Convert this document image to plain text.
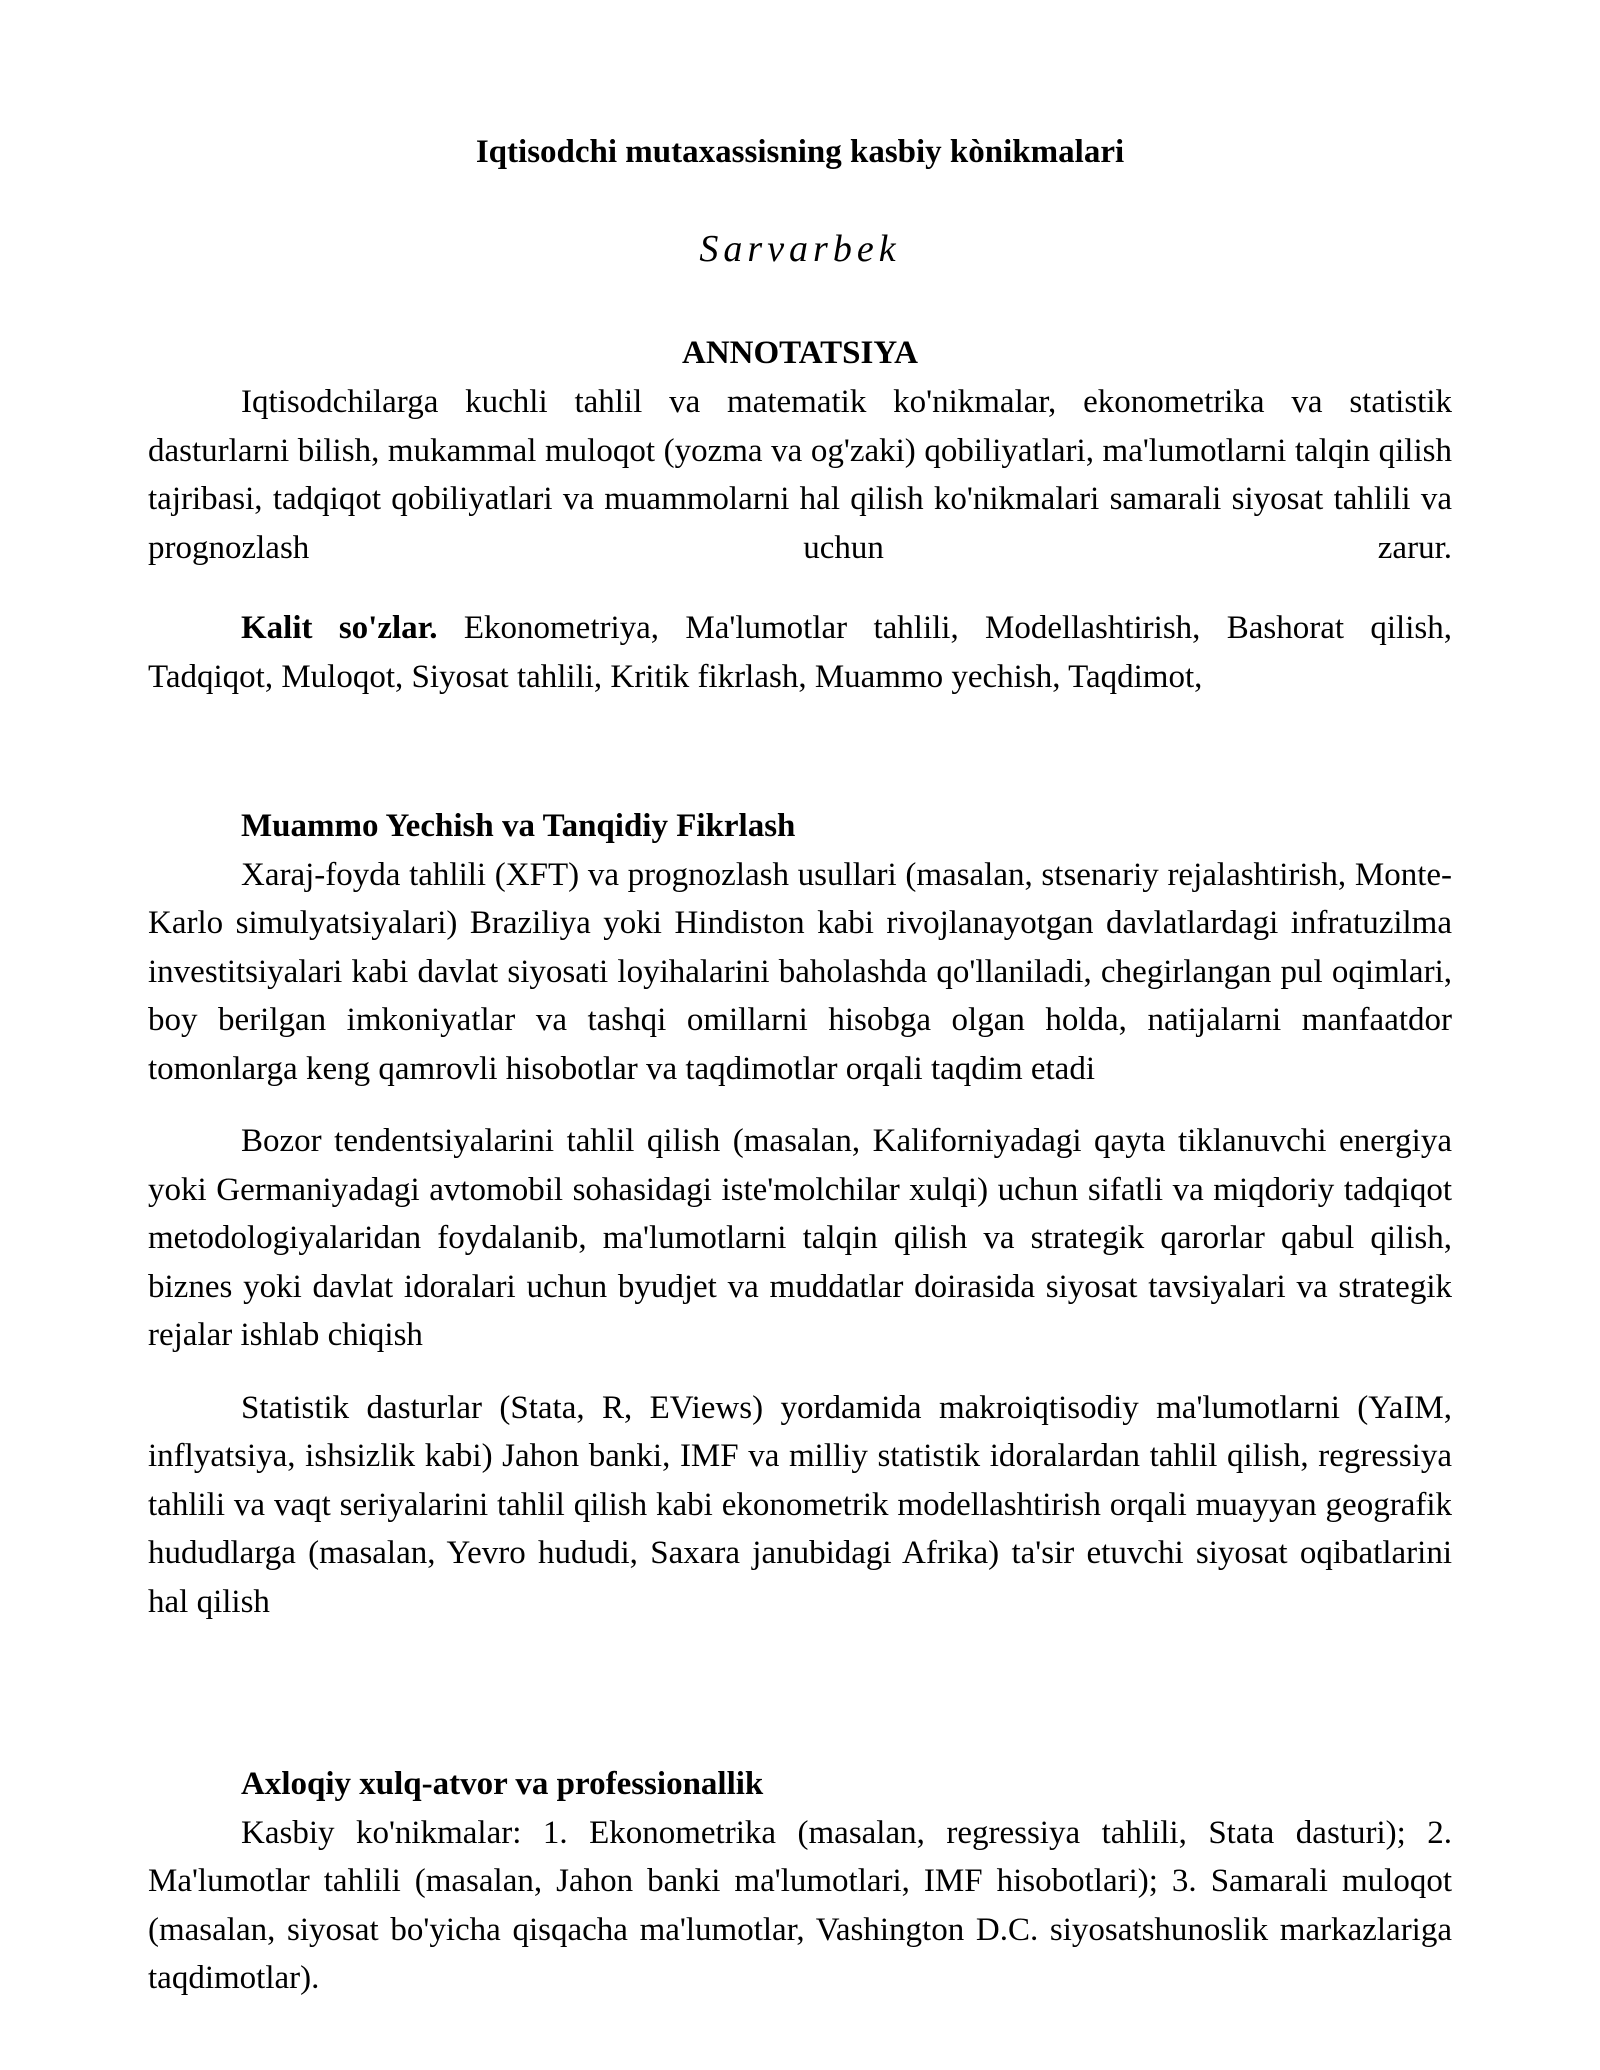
Iqtisodchi mutaxassisning kasbiy kònikmalari
Sarvarbek
ANNOTATSIYA

Iqtisodchilarga kuchli tahlil va matematik ko'nikmalar, ekonometrika va statistik dasturlarni bilish, mukammal muloqot (yozma va og'zaki) qobiliyatlari, ma'lumotlarni talqin qilish tajribasi, tadqiqot qobiliyatlari va muammolarni hal qilish ko'nikmalari samarali siyosat tahlili va prognozlash uchun zarur.

Kalit so'zlar. Ekonometriya, Ma'lumotlar tahlili, Modellashtirish, Bashorat qilish, Tadqiqot, Muloqot, Siyosat tahlili, Kritik fikrlash, Muammo yechish, Taqdimot,

Muammo Yechish va Tanqidiy Fikrlash

Xaraj-foyda tahlili (XFT) va prognozlash usullari (masalan, stsenariy rejalashtirish, Monte-Karlo simulyatsiyalari) Braziliya yoki Hindiston kabi rivojlanayotgan davlatlardagi infratuzilma investitsiyalari kabi davlat siyosati loyihalarini baholashda qo'llaniladi, chegirlangan pul oqimlari, boy berilgan imkoniyatlar va tashqi omillarni hisobga olgan holda, natijalarni manfaatdor tomonlarga keng qamrovli hisobotlar va taqdimotlar orqali taqdim etadi

Bozor tendentsiyalarini tahlil qilish (masalan, Kaliforniyadagi qayta tiklanuvchi energiya yoki Germaniyadagi avtomobil sohasidagi iste'molchilar xulqi) uchun sifatli va miqdoriy tadqiqot metodologiyalaridan foydalanib, ma'lumotlarni talqin qilish va strategik qarorlar qabul qilish, biznes yoki davlat idoralari uchun byudjet va muddatlar doirasida siyosat tavsiyalari va strategik rejalar ishlab chiqish

Statistik dasturlar (Stata, R, EViews) yordamida makroiqtisodiy ma'lumotlarni (YaIM, inflyatsiya, ishsizlik kabi) Jahon banki, IMF va milliy statistik idoralardan tahlil qilish, regressiya tahlili va vaqt seriyalarini tahlil qilish kabi ekonometrik modellashtirish orqali muayyan geografik hududlarga (masalan, Yevro hududi, Saxara janubidagi Afrika) ta'sir etuvchi siyosat oqibatlarini hal qilish

Axloqiy xulq-atvor va professionallik

Kasbiy ko'nikmalar: 1. Ekonometrika (masalan, regressiya tahlili, Stata dasturi); 2. Ma'lumotlar tahlili (masalan, Jahon banki ma'lumotlari, IMF hisobotlari); 3. Samarali muloqot (masalan, siyosat bo'yicha qisqacha ma'lumotlar, Vashington D.C. siyosatshunoslik markazlariga taqdimotlar).
